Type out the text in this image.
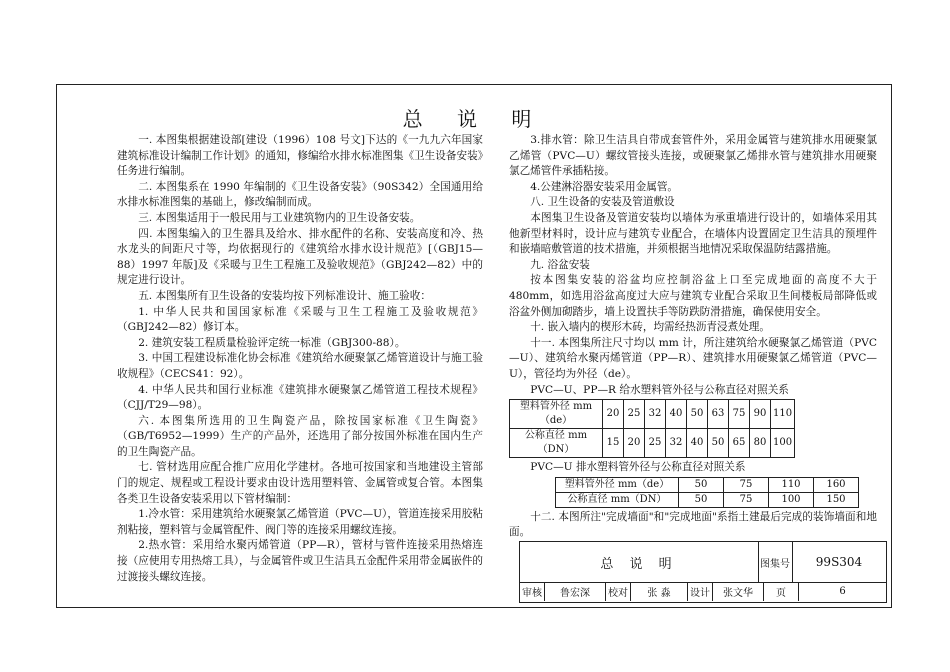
总 说 明

一. 本图集根据建设部[建设（1996）108 号文]下达的《一九九六年国家建筑标准设计编制工作计划》的通知，修编给水排水标准图集《卫生设备安装》任务进行编制。

二. 本图集系在 1990 年编制的《卫生设备安装》（90S342）全国通用给水排水标准图集的基础上，修改编制而成。

三. 本图集适用于一般民用与工业建筑物内的卫生设备安装。

四. 本图集编入的卫生器具及给水、排水配件的名称、安装高度和冷、热水龙头的间距尺寸等，均依据现行的《建筑给水排水设计规范》[（GBJ15—88）1997 年版]及《采暖与卫生工程施工及验收规范》（GBJ242—82）中的规定进行设计。

五. 本图集所有卫生设备的安装均按下列标准设计、施工验收：

1. 中华人民共和国国家标准《采暖与卫生工程施工及验收规范》（GBJ242—82）修订本。

2. 建筑安装工程质量检验评定统一标准（GBJ300-88）。

3. 中国工程建设标准化协会标准《建筑给水硬聚氯乙烯管道设计与施工验收规程》（CECS41：92）。

4. 中华人民共和国行业标准《建筑排水硬聚氯乙烯管道工程技术规程》（CJJ/T29—98）。

六. 本图集所选用的卫生陶瓷产品，除按国家标准《卫生陶瓷》（GB/T6952—1999）生产的产品外，还选用了部分按国外标准在国内生产的卫生陶瓷产品。

七. 管材选用应配合推广应用化学建材。各地可按国家和当地建设主管部门的规定、规程或工程设计要求由设计选用塑料管、金属管或复合管。本图集各类卫生设备安装采用以下管材编制：

1.冷水管：采用建筑给水硬聚氯乙烯管道（PVC—U），管道连接采用胶粘剂粘接，塑料管与金属管配件、阀门等的连接采用螺纹连接。

2.热水管：采用给水聚丙烯管道（PP—R），管材与管件连接采用热熔连接（应使用专用热熔工具），与金属管件或卫生洁具五金配件采用带金属嵌件的过渡接头螺纹连接。

3.排水管：除卫生洁具自带成套管件外，采用金属管与建筑排水用硬聚氯乙烯管（PVC—U）螺纹管接头连接，或硬聚氯乙烯排水管与建筑排水用硬聚氯乙烯管件承插粘接。

4.公建淋浴器安装采用金属管。

八. 卫生设备的安装及管道敷设

本图集卫生设备及管道安装均以墙体为承重墙进行设计的，如墙体采用其他新型材料时，设计应与建筑专业配合，在墙体内设置固定卫生洁具的预埋件和嵌墙暗敷管道的技术措施，并须根据当地情况采取保温防结露措施。

九. 浴盆安装

按本图集安装的浴盆均应控制浴盆上口至完成地面的高度不大于480mm，如选用浴盆高度过大应与建筑专业配合采取卫生间楼板局部降低或浴盆外侧加砌踏步，墙上设置扶手等防跌防滑措施，确保使用安全。

十. 嵌入墙内的楔形木砖，均需经热沥青浸煮处理。

十一. 本图集所注尺寸均以 mm 计，所注建筑给水硬聚氯乙烯管道（PVC—U）、建筑给水聚丙烯管道（PP—R）、建筑排水用硬聚氯乙烯管道（PVC—U），管径均为外径（de）。

PVC—U、PP—R 给水塑料管外径与公称直径对照关系

塑料管外径 mm（de）	20	25	32	40	50	63	75	90	110
公称直径 mm（DN）	15	20	25	32	40	50	65	80	100

PVC—U 排水塑料管外径与公称直径对照关系

塑料管外径 mm（de）	50	75	110	160
公称直径 mm（DN）	50	75	100	150

十二. 本图所注"完成墙面"和"完成地面"系指土建最后完成的装饰墙面和地面。

总 说 明	图集号	99S304
审核	鲁宏深	校对	张 淼	设计	张文华	页	6
